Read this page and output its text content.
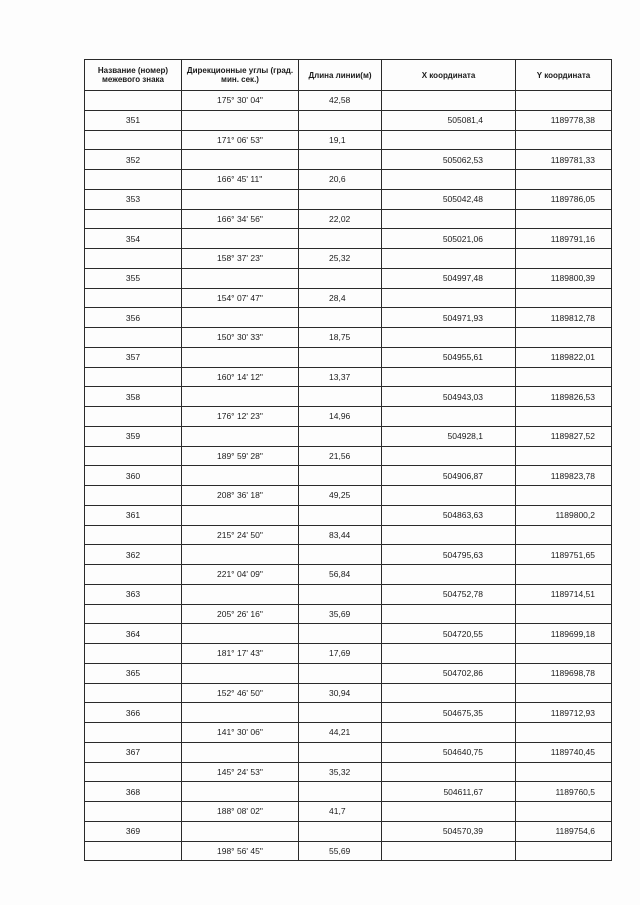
Название (номер) межевого знака	Дирекционные углы (град. мин. сек.)	Длина линии(м)	X координата	Y координата
	175° 30' 04"	42,58		
351			505081,4	1189778,38
	171° 06' 53"	19,1		
352			505062,53	1189781,33
	166° 45' 11"	20,6		
353			505042,48	1189786,05
	166° 34' 56"	22,02		
354			505021,06	1189791,16
	158° 37' 23"	25,32		
355			504997,48	1189800,39
	154° 07' 47"	28,4		
356			504971,93	1189812,78
	150° 30' 33"	18,75		
357			504955,61	1189822,01
	160° 14' 12"	13,37		
358			504943,03	1189826,53
	176° 12' 23"	14,96		
359			504928,1	1189827,52
	189° 59' 28"	21,56		
360			504906,87	1189823,78
	208° 36' 18"	49,25		
361			504863,63	1189800,2
	215° 24' 50"	83,44		
362			504795,63	1189751,65
	221° 04' 09"	56,84		
363			504752,78	1189714,51
	205° 26' 16"	35,69		
364			504720,55	1189699,18
	181° 17' 43"	17,69		
365			504702,86	1189698,78
	152° 46' 50"	30,94		
366			504675,35	1189712,93
	141° 30' 06"	44,21		
367			504640,75	1189740,45
	145° 24' 53"	35,32		
368			504611,67	1189760,5
	188° 08' 02"	41,7		
369			504570,39	1189754,6
	198° 56' 45"	55,69		
